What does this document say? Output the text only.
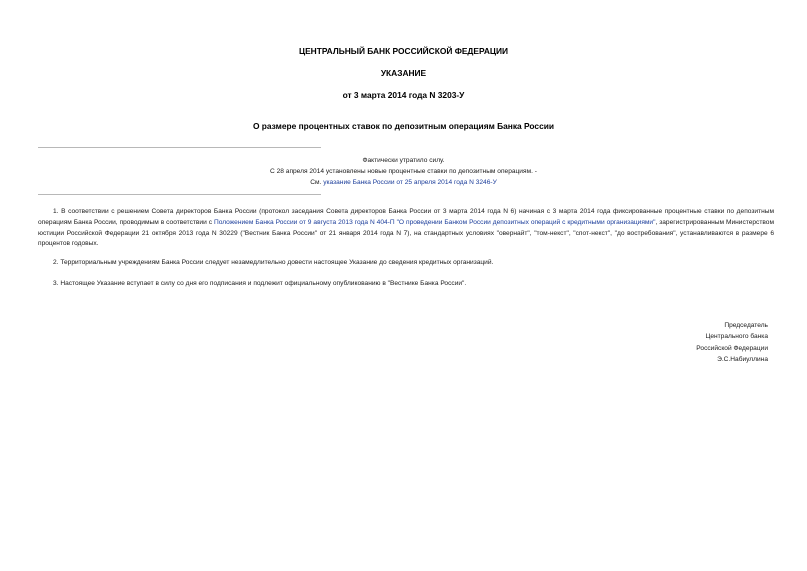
ЦЕНТРАЛЬНЫЙ БАНК РОССИЙСКОЙ ФЕДЕРАЦИИ
УКАЗАНИЕ
от 3 марта 2014 года N 3203-У
О размере процентных ставок по депозитным операциям Банка России
Фактически утратило силу.
С 28 апреля 2014 установлены новые процентные ставки по депозитным операциям. -
См. указание Банка России от 25 апреля 2014 года N 3246-У
1. В соответствии с решением Совета директоров Банка России (протокол заседания Совета директоров Банка России от 3 марта 2014 года N 6) начиная с 3 марта 2014 года фиксированные процентные ставки по депозитным операциям Банка России, проводимым в соответствии с Положением Банка России от 9 августа 2013 года N 404-П "О проведении Банком России депозитных операций с кредитными организациями", зарегистрированным Министерством юстиции Российской Федерации 21 октября 2013 года N 30229 ("Вестник Банка России" от 21 января 2014 года N 7), на стандартных условиях "овернайт", "том-некст", "спот-некст", "до востребования", устанавливаются в размере 6 процентов годовых.
2. Территориальным учреждениям Банка России следует незамедлительно довести настоящее Указание до сведения кредитных организаций.
3. Настоящее Указание вступает в силу со дня его подписания и подлежит официальному опубликованию в "Вестнике Банка России".
Председатель
Центрального банка
Российской Федерации
Э.С.Набиуллина
